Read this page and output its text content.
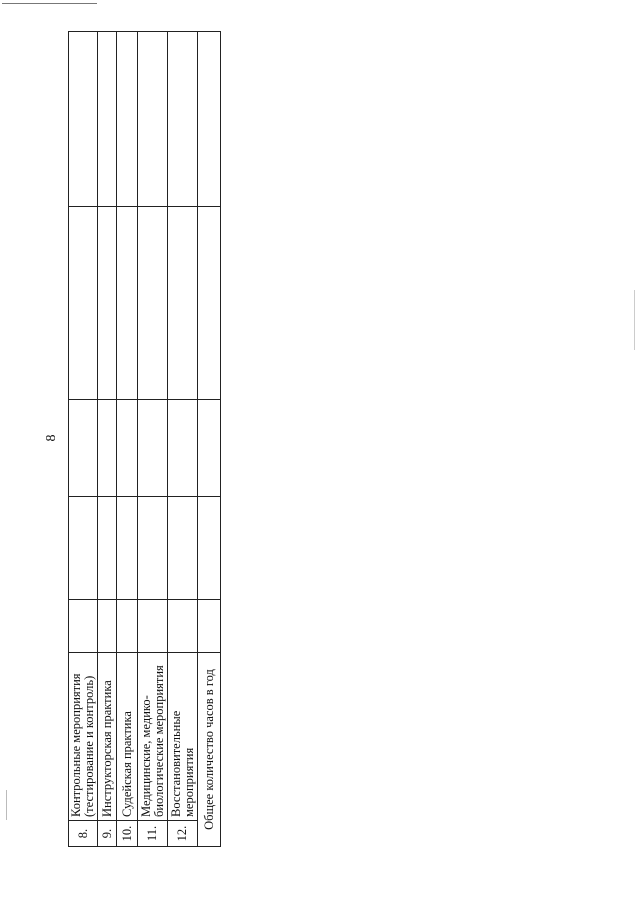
8
8.	Контрольные мероприятия (тестирование и контроль)					
9.	Инструкторская практика					
10.	Судейская практика					
11.	Медицинские, медико-биологические мероприятия					
12.	Восстановительные мероприятия					
Общее количество часов в год						
